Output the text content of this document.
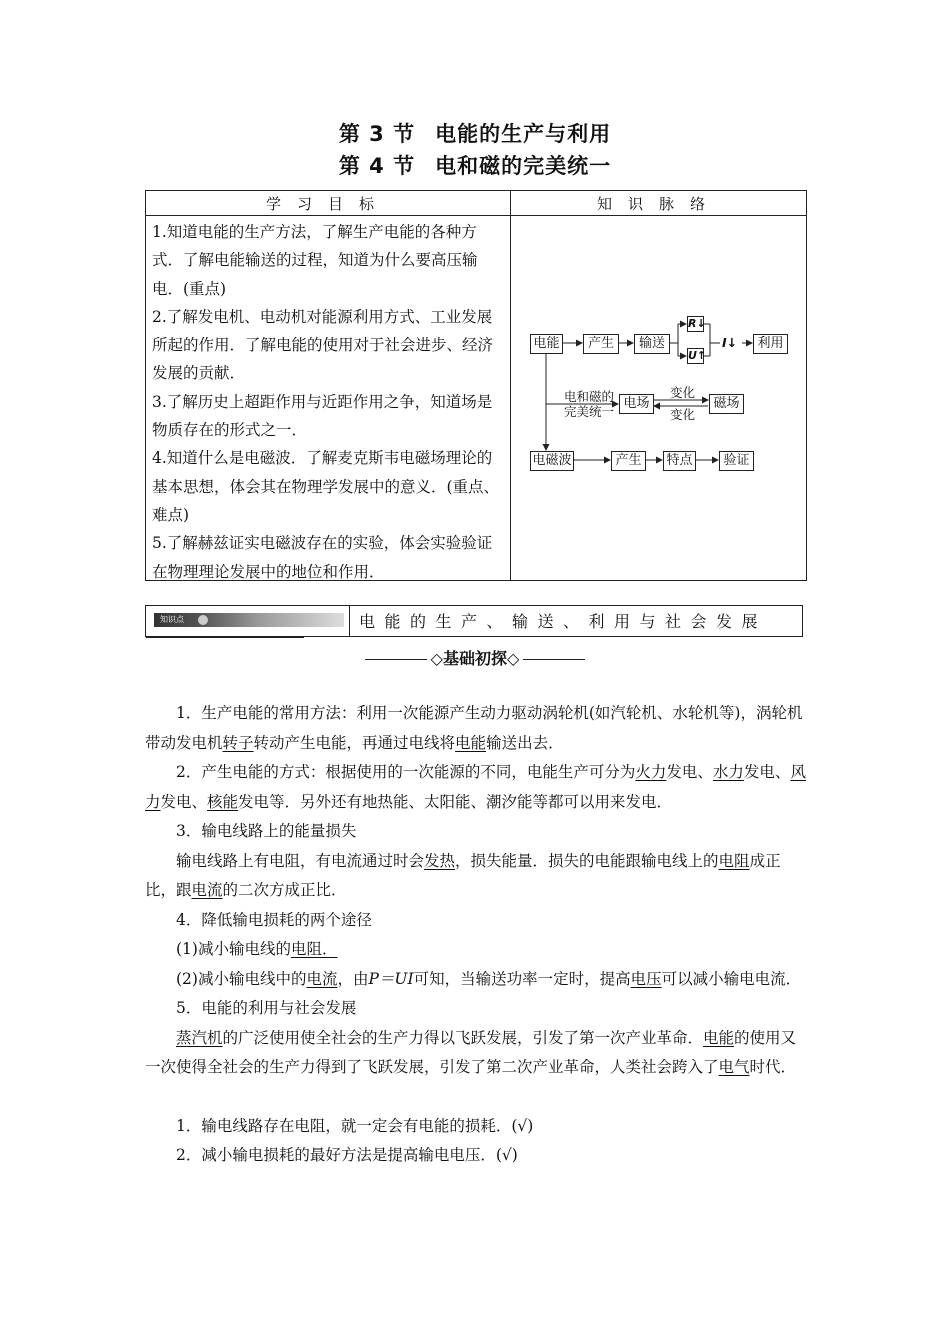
第 3 节 电能的生产与利用
第 4 节 电和磁的完美统一
学习目标	知识脉络
1.知道电能的生产方法，了解生产电能的各种方式．了解电能输送的过程，知道为什么要高压输电．(重点)
2.了解发电机、电动机对能源利用方式、工业发展所起的作用．了解电能的使用对于社会进步、经济发展的贡献．
3.了解历史上超距作用与近距作用之争，知道场是物质存在的形式之一．
4.知道什么是电磁波．了解麦克斯韦电磁场理论的基本思想，体会其在物理学发展中的意义．(重点、难点)
5.了解赫兹证实电磁波存在的实验，体会实验验证在物理理论发展中的地位和作用．
电能	产生	输送
R↓
U↑
I↓	利用
电和磁的完美统一
电场
变化
变化
磁场
电磁波	产生	特点	验证
知识点	电能的生产、输送、利用与社会发展
◇基础初探◇

1．生产电能的常用方法：利用一次能源产生动力驱动涡轮机(如汽轮机、水轮机等)，涡轮机带动发电机转子转动产生电能，再通过电线将电能输送出去．

2．产生电能的方式：根据使用的一次能源的不同，电能生产可分为火力发电、水力发电、风力发电、核能发电等．另外还有地热能、太阳能、潮汐能等都可以用来发电．

3．输电线路上的能量损失

输电线路上有电阻，有电流通过时会发热，损失能量．损失的电能跟输电线上的电阻成正比，跟电流的二次方成正比．

4．降低输电损耗的两个途径

(1)减小输电线的电阻．

(2)减小输电线中的电流，由P＝UI可知，当输送功率一定时，提高电压可以减小输电电流．

5．电能的利用与社会发展

蒸汽机的广泛使用使全社会的生产力得以飞跃发展，引发了第一次产业革命．电能的使用又一次使得全社会的生产力得到了飞跃发展，引发了第二次产业革命，人类社会跨入了电气时代．

1．输电线路存在电阻，就一定会有电能的损耗．(√)

2．减小输电损耗的最好方法是提高输电电压．(√)
